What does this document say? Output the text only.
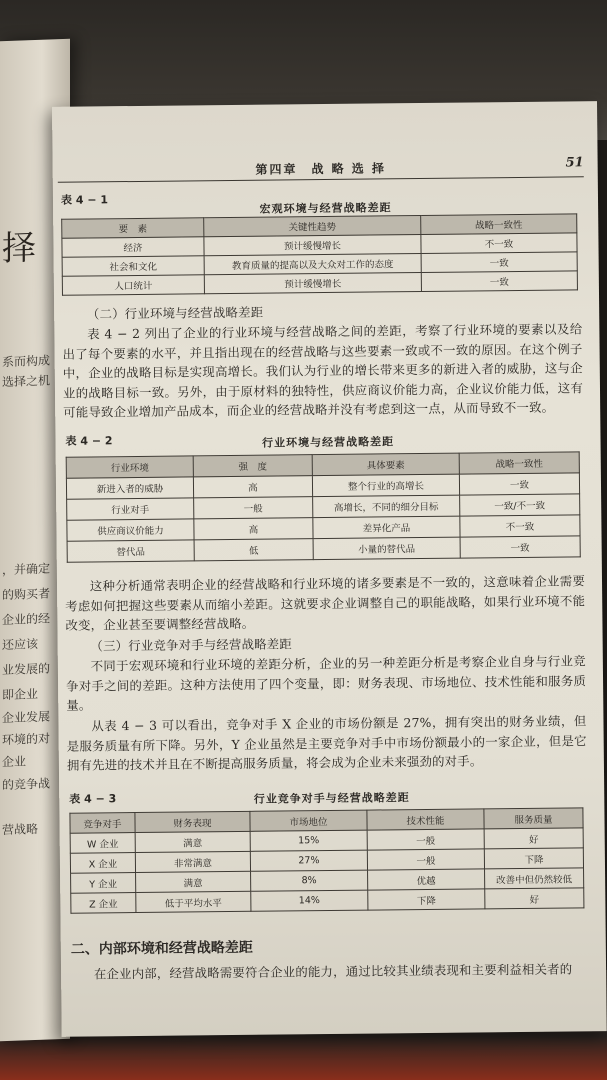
择
系而构成
选择之机
，并确定
的购买者
企业的经
还应该
业发展的
即企业
企业发展
环境的对
企业
的竞争战
营战略
第四章　战 略 选 择	51
表 4 − 1
宏观环境与经营战略差距
要　素	关键性趋势	战略一致性
经济	预计缓慢增长	不一致
社会和文化	教育质量的提高以及大众对工作的态度	一致
人口统计	预计缓慢增长	一致
（二）行业环境与经营战略差距
表 4 − 2 列出了企业的行业环境与经营战略之间的差距，考察了行业环境的要素以及给出了每个要素的水平，并且指出现在的经营战略与这些要素一致或不一致的原因。在这个例子中，企业的战略目标是实现高增长。我们认为行业的增长带来更多的新进入者的威胁，这与企业的战略目标一致。另外，由于原材料的独特性，供应商议价能力高，企业议价能力低，这有可能导致企业增加产品成本，而企业的经营战略并没有考虑到这一点，从而导致不一致。
表 4 − 2	行业环境与经营战略差距
行业环境	强　度	具体要素	战略一致性
新进入者的威胁	高	整个行业的高增长	一致
行业对手	一般	高增长，不同的细分目标	一致/不一致
供应商议价能力	高	差异化产品	不一致
替代品	低	小量的替代品	一致
这种分析通常表明企业的经营战略和行业环境的诸多要素是不一致的，这意味着企业需要考虑如何把握这些要素从而缩小差距。这就要求企业调整自己的职能战略，如果行业环境不能改变，企业甚至要调整经营战略。
（三）行业竞争对手与经营战略差距
不同于宏观环境和行业环境的差距分析，企业的另一种差距分析是考察企业自身与行业竞争对手之间的差距。这种方法使用了四个变量，即：财务表现、市场地位、技术性能和服务质量。
从表 4 − 3 可以看出，竞争对手 X 企业的市场份额是 27%，拥有突出的财务业绩，但是服务质量有所下降。另外，Y 企业虽然是主要竞争对手中市场份额最小的一家企业，但是它拥有先进的技术并且在不断提高服务质量，将会成为企业未来强劲的对手。
表 4 − 3	行业竞争对手与经营战略差距
竞争对手	财务表现	市场地位	技术性能	服务质量
W 企业	满意	15%	一般	好
X 企业	非常满意	27%	一般	下降
Y 企业	满意	8%	优越	改善中但仍然较低
Z 企业	低于平均水平	14%	下降	好
二、内部环境和经营战略差距
在企业内部，经营战略需要符合企业的能力，通过比较其业绩表现和主要利益相关者的
